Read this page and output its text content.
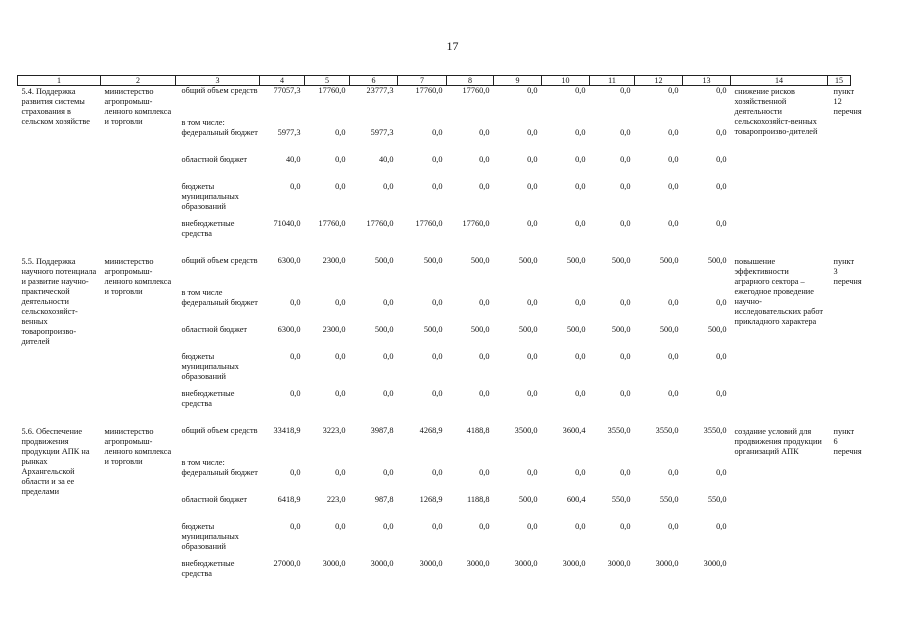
17
1	2	3	4	5	6	7	8	9	10	11	12	13	14	15
5.4. Поддержка развития системы страхования в сельском хозяйстве	министерство агропромыш-ленного комплекса и торговли	общий объем средств	77057,3	17760,0	23777,3	17760,0	17760,0	0,0	0,0	0,0	0,0	0,0	снижение рисков хозяйственной деятельности сельскохозяйст-венных товаропроизво-дителей	пункт 12 перечня
		в том числе:												
		федеральный бюджет	5977,3	0,0	5977,3	0,0	0,0	0,0	0,0	0,0	0,0	0,0		
		областной бюджет	40,0	0,0	40,0	0,0	0,0	0,0	0,0	0,0	0,0	0,0		
		бюджеты муниципальных образований	0,0	0,0	0,0	0,0	0,0	0,0	0,0	0,0	0,0	0,0		
		внебюджетные средства	71040,0	17760,0	17760,0	17760,0	17760,0	0,0	0,0	0,0	0,0	0,0		

5.5. Поддержка научного потенциала и развитие научно-практической деятельности сельскохозяйст-венных товаропроизво-дителей	министерство агропромыш-ленного комплекса и торговли	общий объем средств	6300,0	2300,0	500,0	500,0	500,0	500,0	500,0	500,0	500,0	500,0	повышение эффективности аграрного сектора – ежегодное проведение научно-исследовательских работ прикладного характера	пункт 3 перечня
		в том числе												
		федеральный бюджет	0,0	0,0	0,0	0,0	0,0	0,0	0,0	0,0	0,0	0,0		
		областной бюджет	6300,0	2300,0	500,0	500,0	500,0	500,0	500,0	500,0	500,0	500,0		
		бюджеты муниципальных образований	0,0	0,0	0,0	0,0	0,0	0,0	0,0	0,0	0,0	0,0		
		внебюджетные средства	0,0	0,0	0,0	0,0	0,0	0,0	0,0	0,0	0,0	0,0		

5.6. Обеспечение продвижения продукции АПК на рынках Архангельской области и за ее пределами	министерство агропромыш-ленного комплекса и торговли	общий объем средств	33418,9	3223,0	3987,8	4268,9	4188,8	3500,0	3600,4	3550,0	3550,0	3550,0	создание условий для продвижения продукции организаций АПК	пункт 6 перечня
		в том числе:												
		федеральный бюджет	0,0	0,0	0,0	0,0	0,0	0,0	0,0	0,0	0,0	0,0		
		областной бюджет	6418,9	223,0	987,8	1268,9	1188,8	500,0	600,4	550,0	550,0	550,0		
		бюджеты муниципальных образований	0,0	0,0	0,0	0,0	0,0	0,0	0,0	0,0	0,0	0,0		
		внебюджетные средства	27000,0	3000,0	3000,0	3000,0	3000,0	3000,0	3000,0	3000,0	3000,0	3000,0		
